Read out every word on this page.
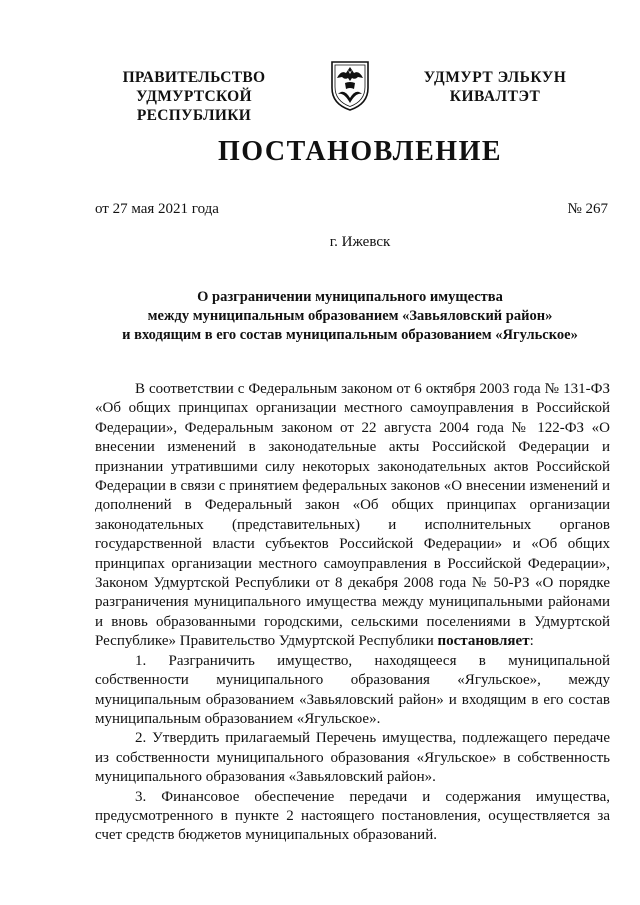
ПРАВИТЕЛЬСТВО
УДМУРТСКОЙ РЕСПУБЛИКИ
УДМУРТ ЭЛЬКУН
КИВАЛТЭТ
ПОСТАНОВЛЕНИЕ
от 27 мая 2021 года	№ 267
г. Ижевск
О разграничении муниципального имущества
между муниципальным образованием «Завьяловский район»
и входящим в его состав муниципальным образованием «Ягульское»

В соответствии с Федеральным законом от 6 октября 2003 года № 131-ФЗ «Об общих принципах организации местного самоуправления в Российской Федерации», Федеральным законом от 22 августа 2004 года № 122-ФЗ «О внесении изменений в законодательные акты Российской Федерации и признании утратившими силу некоторых законодательных актов Российской Федерации в связи с принятием федеральных законов «О внесении изменений и дополнений в Федеральный закон «Об общих принципах организации законодательных (представительных) и исполнительных органов государственной власти субъектов Российской Федерации» и «Об общих принципах организации местного самоуправления в Российской Федерации», Законом Удмуртской Республики от 8 декабря 2008 года № 50-РЗ «О порядке разграничения муниципального имущества между муниципальными районами и вновь образованными городскими, сельскими поселениями в Удмуртской Республике» Правительство Удмуртской Республики постановляет:

1. Разграничить имущество, находящееся в муниципальной собственности муниципального образования «Ягульское», между муниципальным образованием «Завьяловский район» и входящим в его состав муниципальным образованием «Ягульское».

2. Утвердить прилагаемый Перечень имущества, подлежащего передаче из собственности муниципального образования «Ягульское» в собственность муниципального образования «Завьяловский район».

3. Финансовое обеспечение передачи и содержания имущества, предусмотренного в пункте 2 настоящего постановления, осуществляется за счет средств бюджетов муниципальных образований.
